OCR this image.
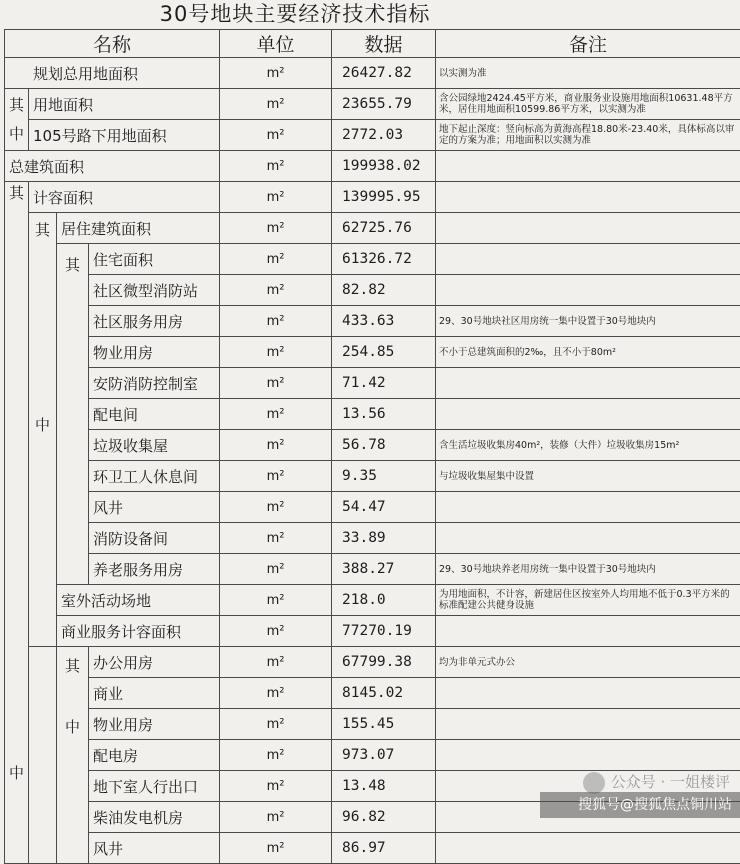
30号地块主要经济技术指标
名称				单位	数据	备注
规划总用地面积				m²	26427.82	以实测为准
其
中	用地面积			m²	23655.79	含公园绿地2424.45平方米，商业服务业设施用地面积10631.48平方米，居住用地面积10599.86平方米，以实测为准
	105号路下用地面积			m²	2772.03	地下起止深度：竖向标高为黄海高程18.80米-23.40米，具体标高以审定的方案为准；用地面积以实测为准
总建筑面积				m²	199938.02	

其
中	计容面积			m²	139995.95	
	其
中	居住建筑面积		m²	62725.76	
		其	住宅面积	m²	61326.72	
			社区微型消防站	m²	82.82	
			社区服务用房	m²	433.63	29、30号地块社区用房统一集中设置于30号地块内
			物业用房	m²	254.85	不小于总建筑面积的2‰，且不小于80m²
			安防消防控制室	m²	71.42	
			配电间	m²	13.56	
			垃圾收集屋	m²	56.78	含生活垃圾收集房40m²，装修（大件）垃圾收集房15m²
			环卫工人休息间	m²	9.35	与垃圾收集屋集中设置
			风井	m²	54.47	
			消防设备间	m²	33.89	
			养老服务用房	m²	388.27	29、30号地块养老用房统一集中设置于30号地块内
		室外活动场地		m²	218.0	为用地面积，不计容，新建居住区按室外人均用地不低于0.3平方米的标准配建公共健身设施
		商业服务计容面积		m²	77270.19	
		其
中	办公用房	m²	67799.38	均为非单元式办公
			商业	m²	8145.02	
			物业用房	m²	155.45	
			配电房	m²	973.07	
			地下室人行出口	m²	13.48	
			柴油发电机房	m²	96.82	
			风井	m²	86.97	
公众号 · 一姐楼评
搜狐号@搜狐焦点铜川站
